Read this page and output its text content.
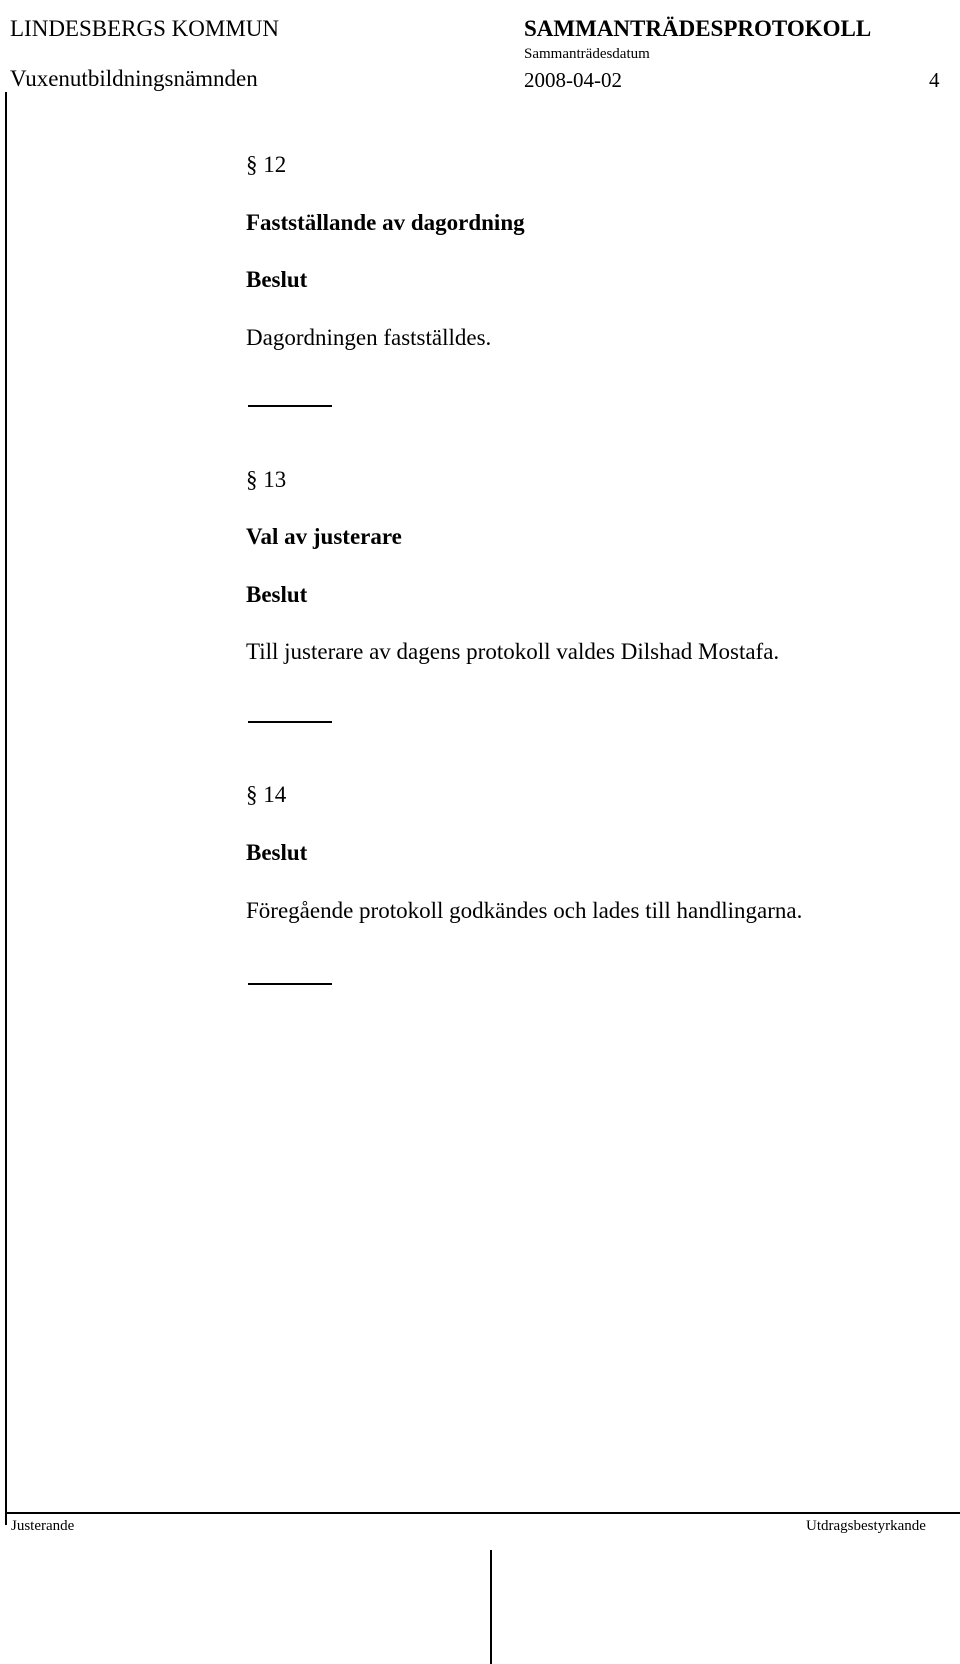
LINDESBERGS KOMMUN	SAMMANTRÄDESPROTOKOLL
Sammanträdesdatum
Vuxenutbildningsnämnden	2008-04-02	4
§ 12
Fastställande av dagordning
Beslut
Dagordningen fastställdes.
§ 13
Val av justerare
Beslut
Till justerare av dagens protokoll valdes Dilshad Mostafa.
§ 14
Beslut
Föregående protokoll godkändes och lades till handlingarna.
Justerande	Utdragsbestyrkande
